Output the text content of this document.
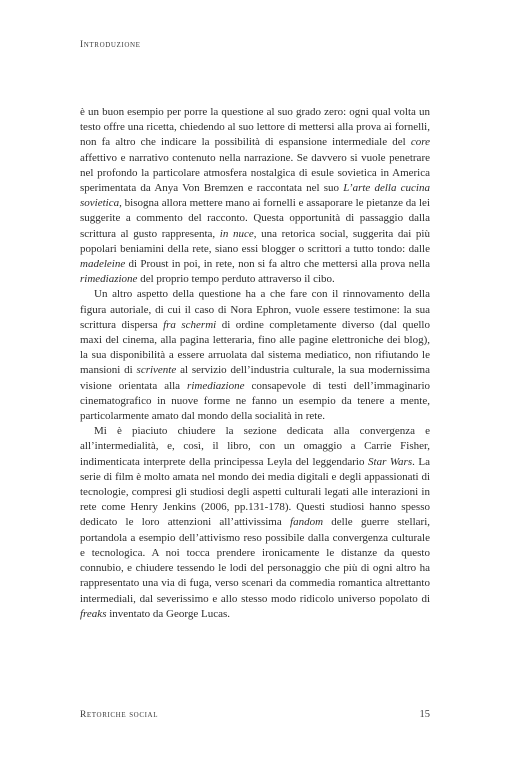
Introduzione

è un buon esempio per porre la questione al suo grado zero: ogni qual volta un testo offre una ricetta, chiedendo al suo lettore di mettersi alla prova ai fornelli, non fa altro che indicare la possibilità di espansione intermediale del core affettivo e narrativo contenuto nella narrazione. Se davvero si vuole penetrare nel profondo la particolare atmosfera nostalgica di esule sovietica in America sperimentata da Anya Von Bremzen e raccontata nel suo L’arte della cucina sovietica, bisogna allora mettere mano ai fornelli e assaporare le pietanze da lei suggerite a commento del racconto. Questa opportunità di passaggio dalla scrittura al gusto rappresenta, in nuce, una retorica social, suggerita dai più popolari beniamini della rete, siano essi blogger o scrittori a tutto tondo: dalle madeleine di Proust in poi, in rete, non si fa altro che mettersi alla prova nella rimediazione del proprio tempo perduto attraverso il cibo.

Un altro aspetto della questione ha a che fare con il rinnovamento della figura autoriale, di cui il caso di Nora Ephron, vuole essere testimone: la sua scrittura dispersa fra schermi di ordine completamente diverso (dal quello maxi del cinema, alla pagina letteraria, fino alle pagine elettroniche dei blog), la sua disponibilità a essere arruolata dal sistema mediatico, non rifiutando le mansioni di scrivente al servizio dell’industria culturale, la sua modernissima visione orientata alla rimediazione consapevole di testi dell’immaginario cinematografico in nuove forme ne fanno un esempio da tenere a mente, particolarmente amato dal mondo della socialità in rete.

Mi è piaciuto chiudere la sezione dedicata alla convergenza e all’intermedialità, e, così, il libro, con un omaggio a Carrie Fisher, indimenticata interprete della principessa Leyla del leggendario Star Wars. La serie di film è molto amata nel mondo dei media digitali e degli appassionati di tecnologie, compresi gli studiosi degli aspetti culturali legati alle interazioni in rete come Henry Jenkins (2006, pp.131-178). Questi studiosi hanno spesso dedicato le loro attenzioni all’attivissima fandom delle guerre stellari, portandola a esempio dell’attivismo reso possibile dalla convergenza culturale e tecnologica. A noi tocca prendere ironicamente le distanze da questo connubio, e chiudere tessendo le lodi del personaggio che più di ogni altro ha rappresentato una via di fuga, verso scenari da commedia romantica altrettanto intermediali, dal severissimo e allo stesso modo ridicolo universo popolato di freaks inventato da George Lucas.

Retoriche social	15
